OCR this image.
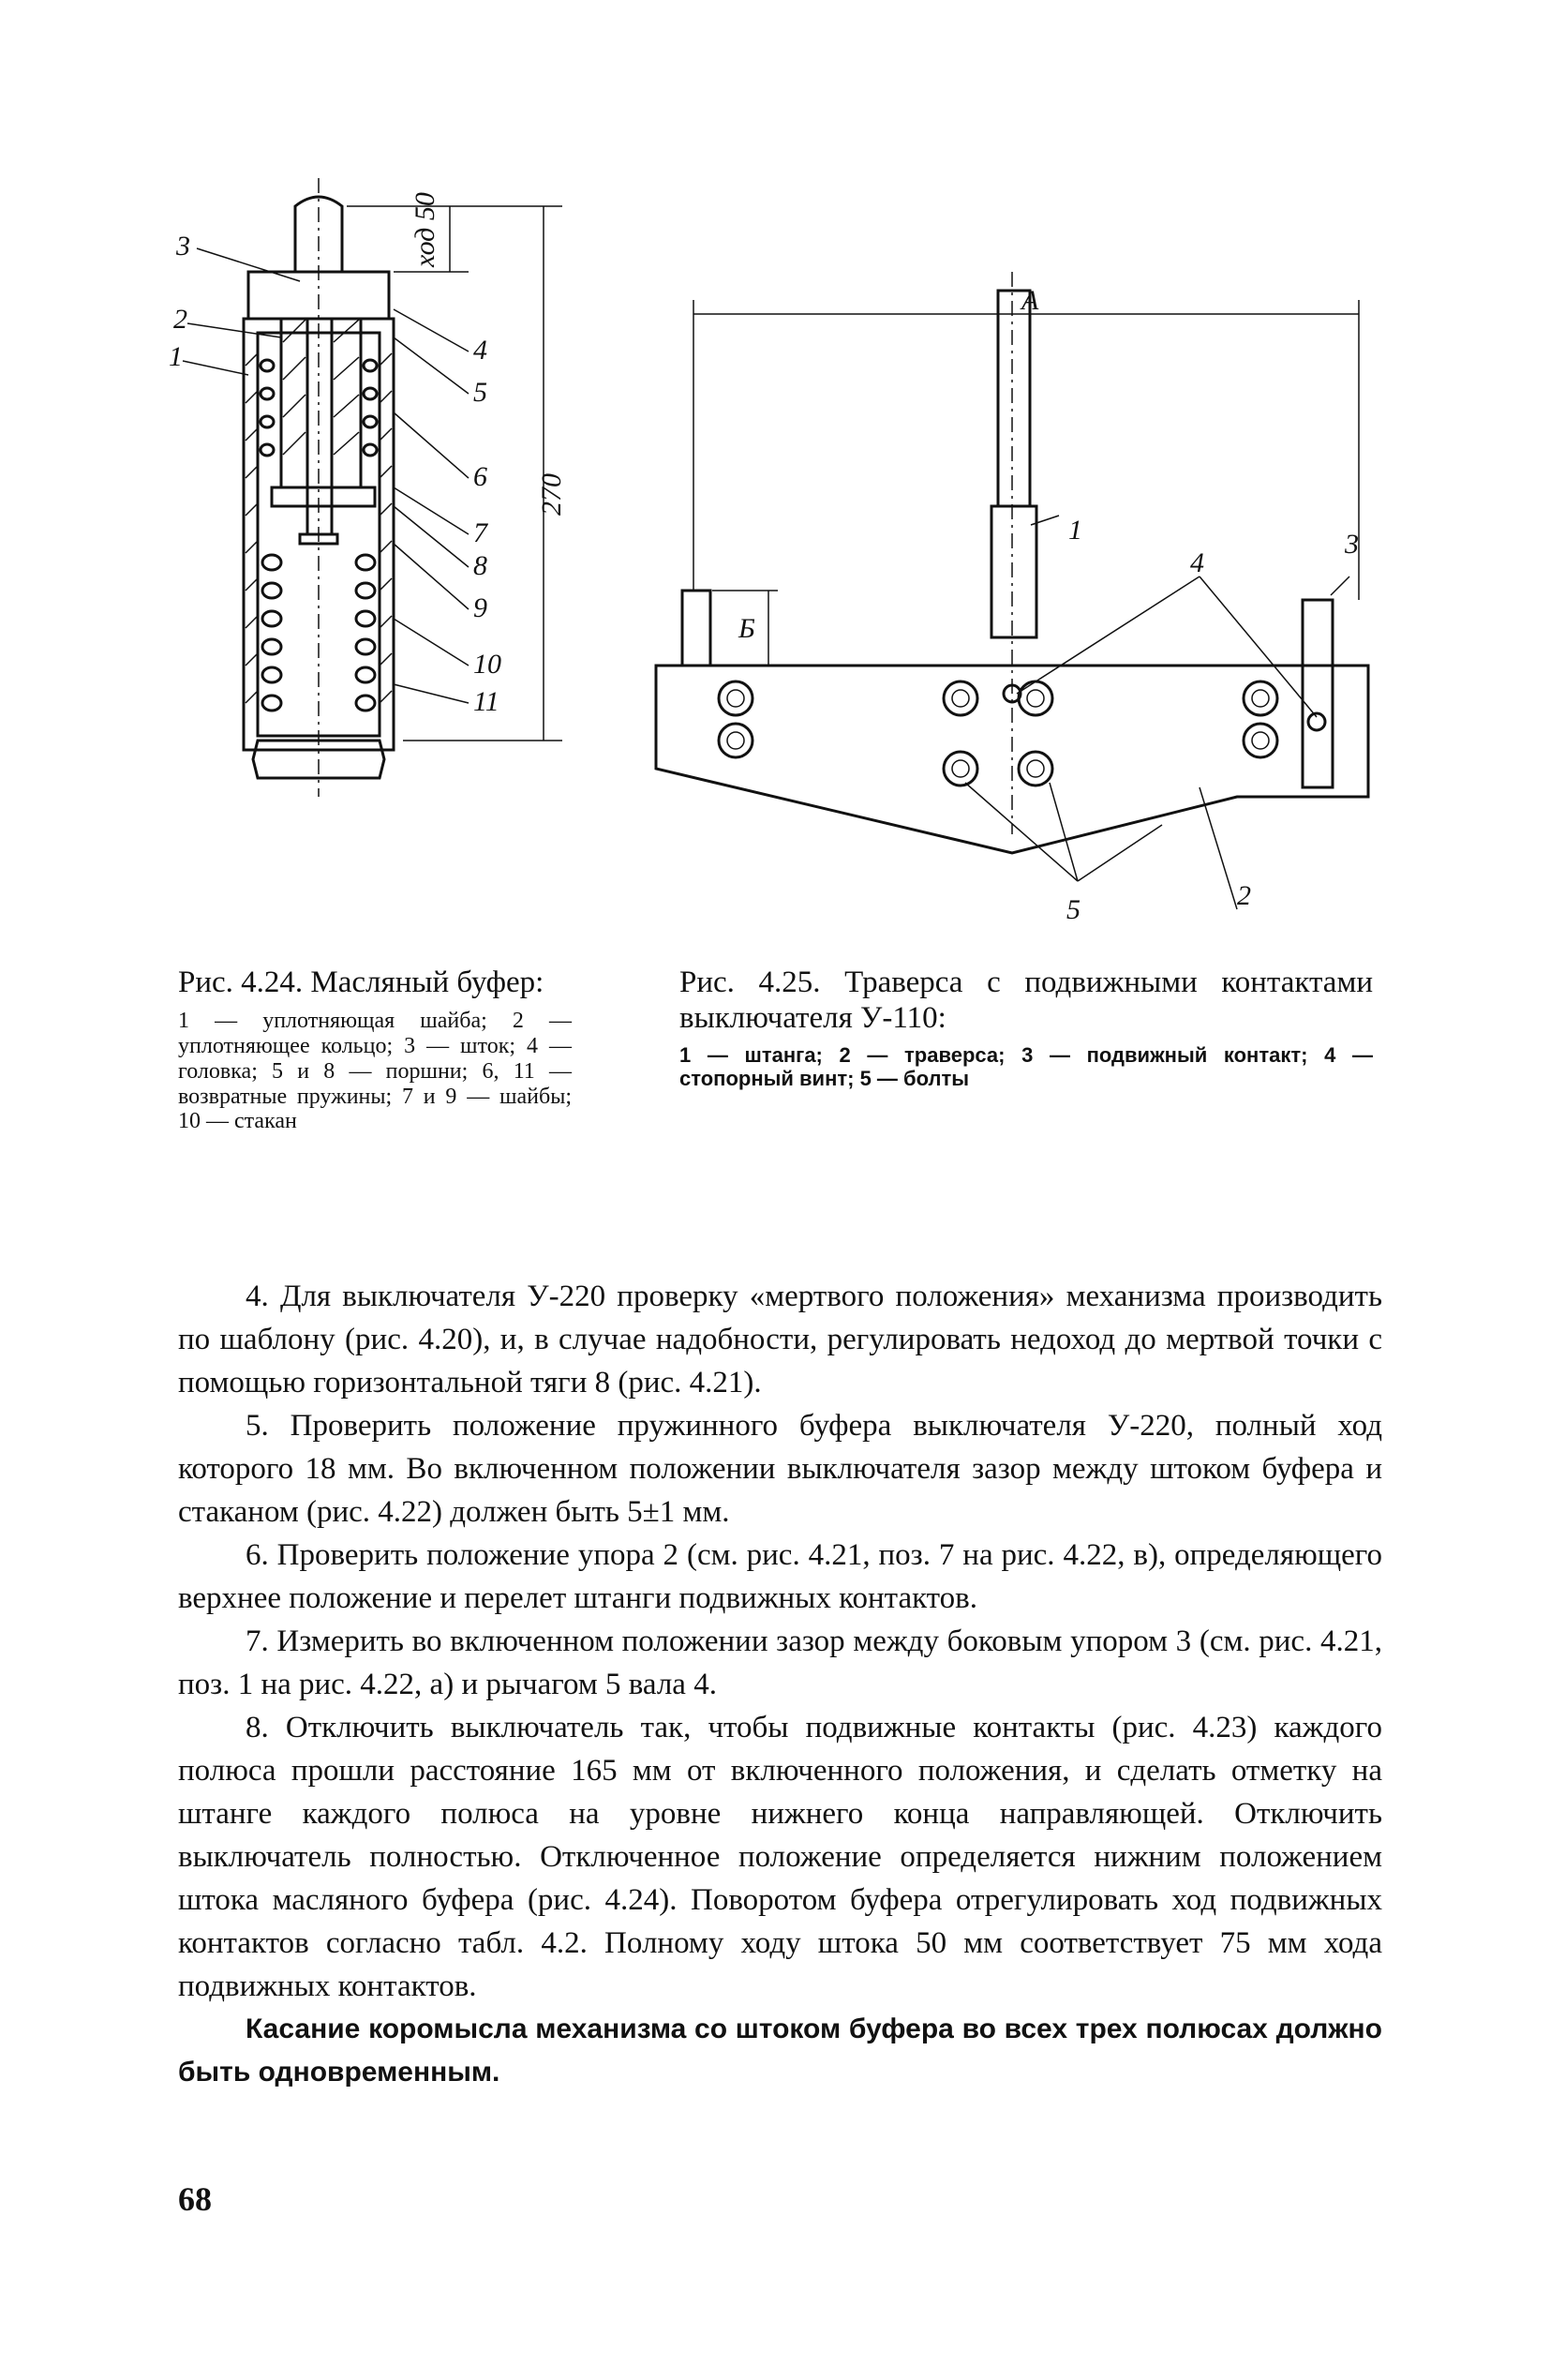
3
2
1	4
5
6
7
8
9
10
11
ход 50
270
1
2
3
4
5
А
Б
Рис. 4.24. Масляный буфер:
1 — уплотняющая шайба; 2 — уплотняющее кольцо; 3 — шток; 4 — головка; 5 и 8 — поршни; 6, 11 — возвратные пружины; 7 и 9 — шайбы; 10 — стакан
Рис. 4.25. Траверса с подвижными контактами выключателя У-110:
1 — штанга; 2 — траверса; 3 — подвижный контакт; 4 — стопорный винт; 5 — болты

4. Для выключателя У-220 проверку «мертвого положения» механизма производить по шаблону (рис. 4.20), и, в случае надобности, регулировать недоход до мертвой точки с помощью горизонтальной тяги 8 (рис. 4.21).

5. Проверить положение пружинного буфера выключателя У-220, полный ход которого 18 мм. Во включенном положении выключателя зазор между штоком буфера и стаканом (рис. 4.22) должен быть 5±1 мм.

6. Проверить положение упора 2 (см. рис. 4.21, поз. 7 на рис. 4.22, в), определяющего верхнее положение и перелет штанги подвижных контактов.

7. Измерить во включенном положении зазор между боковым упором 3 (см. рис. 4.21, поз. 1 на рис. 4.22, а) и рычагом 5 вала 4.

8. Отключить выключатель так, чтобы подвижные контакты (рис. 4.23) каждого полюса прошли расстояние 165 мм от включенного положения, и сделать отметку на штанге каждого полюса на уровне нижнего конца направляющей. Отключить выключатель полностью. Отключенное положение определяется нижним положением штока масляного буфера (рис. 4.24). Поворотом буфера отрегулировать ход подвижных контактов согласно табл. 4.2. Полному ходу штока 50 мм соответствует 75 мм хода подвижных контактов.

Касание коромысла механизма со штоком буфера во всех трех полюсах должно быть одновременным.

68
